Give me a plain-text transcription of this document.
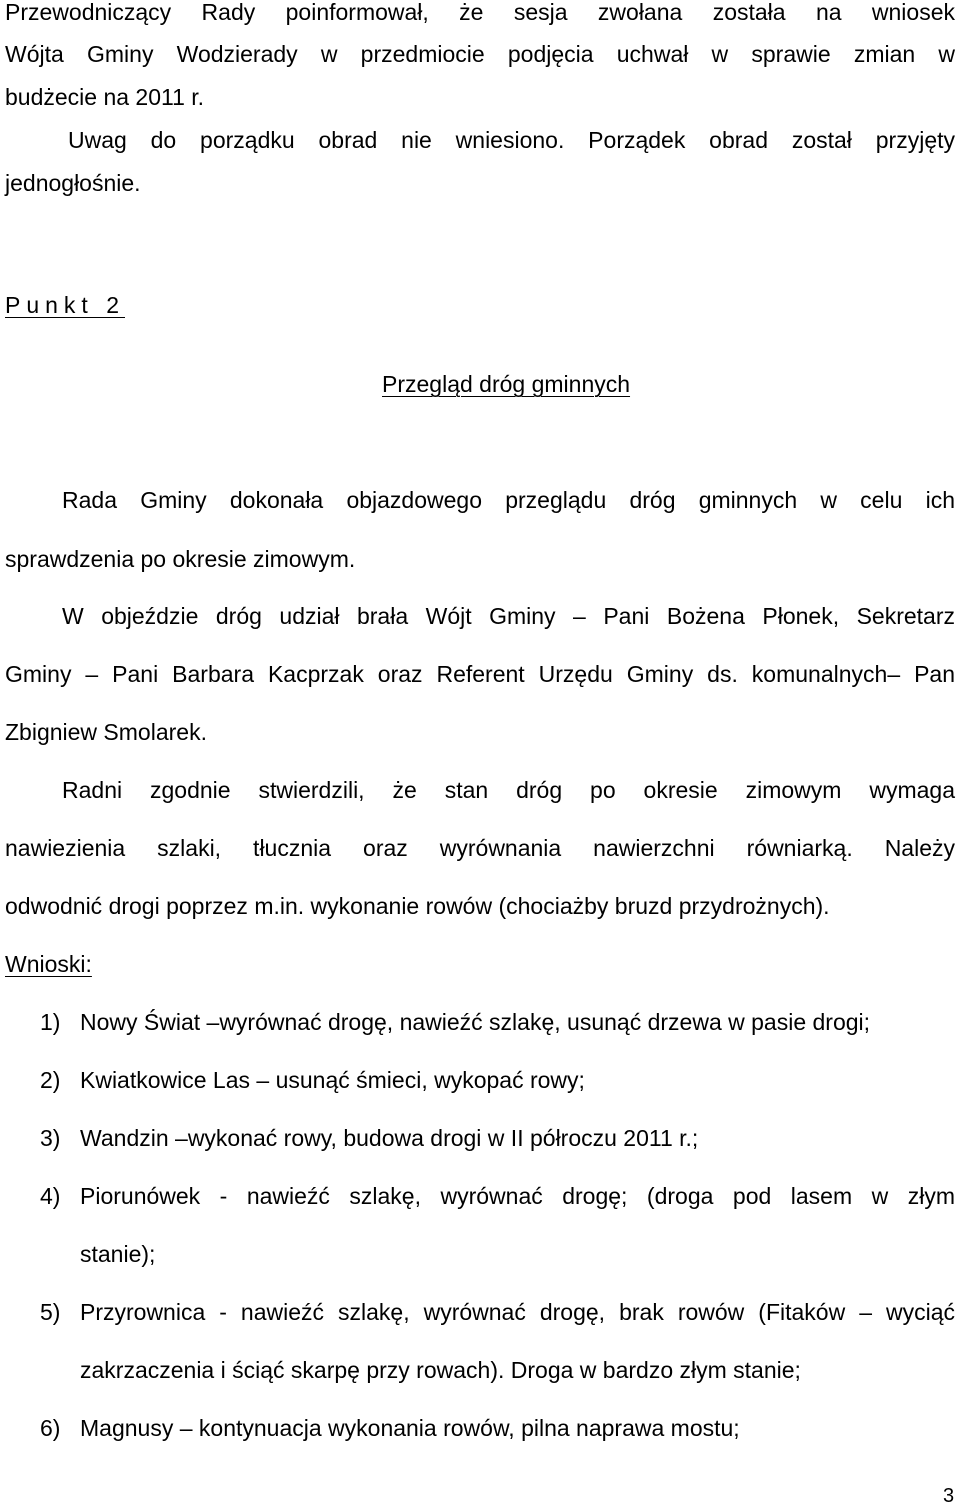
Przewodniczący Rady poinformował, że sesja zwołana została na wniosek
Wójta Gminy Wodzierady w przedmiocie podjęcia uchwał w sprawie zmian w
budżecie na 2011 r.
Uwag do porządku obrad nie wniesiono. Porządek obrad został przyjęty
jednogłośnie.
Punkt 2
Przegląd dróg gminnych
Rada Gminy dokonała objazdowego przeglądu dróg gminnych w celu ich
sprawdzenia po okresie zimowym.
W objeździe dróg udział brała Wójt Gminy – Pani Bożena Płonek, Sekretarz
Gminy – Pani Barbara Kacprzak oraz Referent Urzędu Gminy ds. komunalnych– Pan
Zbigniew Smolarek.
Radni zgodnie stwierdzili, że stan dróg po okresie zimowym wymaga
nawiezienia szlaki, tłucznia oraz wyrównania nawierzchni równiarką. Należy
odwodnić drogi poprzez m.in. wykonanie rowów (chociażby bruzd przydrożnych).
Wnioski:
1) Nowy Świat –wyrównać drogę, nawieźć szlakę, usunąć drzewa w pasie drogi;
2) Kwiatkowice Las – usunąć śmieci, wykopać rowy;
3) Wandzin –wykonać rowy, budowa drogi w II półroczu 2011 r.;
4) Piorunówek - nawieźć szlakę, wyrównać drogę; (droga pod lasem w złym
stanie);
5) Przyrownica - nawieźć szlakę, wyrównać drogę, brak rowów (Fitaków – wyciąć
zakrzaczenia i ściąć skarpę przy rowach). Droga w bardzo złym stanie;
6) Magnusy – kontynuacja wykonania rowów, pilna naprawa mostu;
3
